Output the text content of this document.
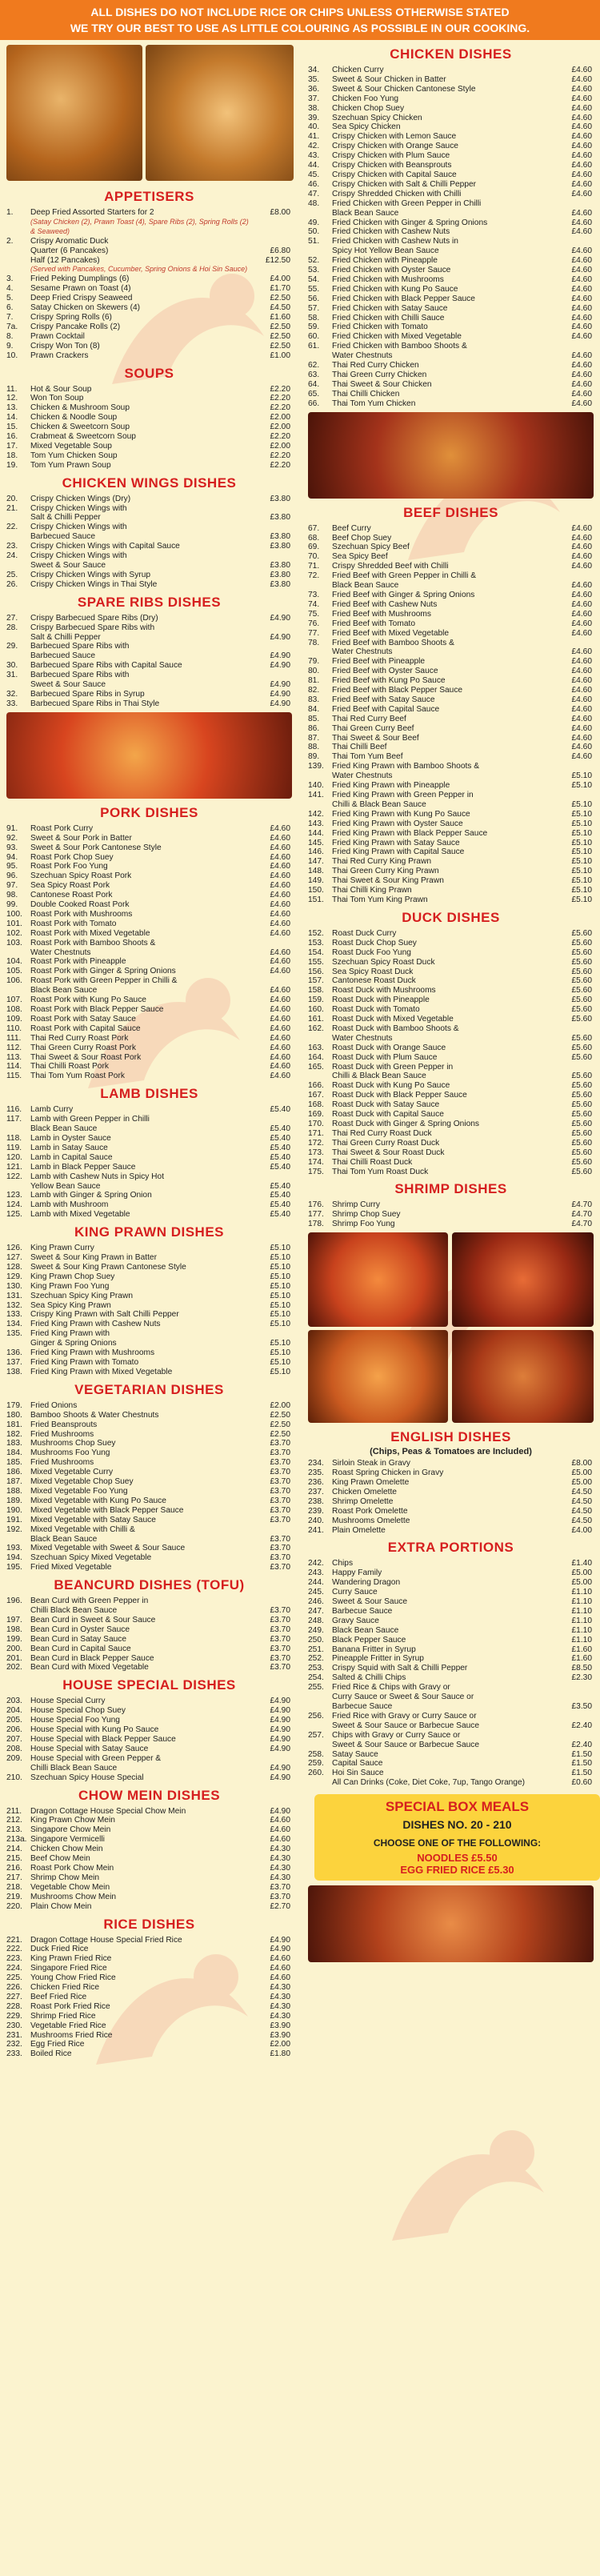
ALL DISHES DO NOT INCLUDE RICE OR CHIPS UNLESS OTHERWISE STATED
WE TRY OUR BEST TO USE AS LITTLE COLOURING AS POSSIBLE IN OUR COOKING.
APPETISERS
1.	Deep Fried Assorted Starters for 2	£8.00
(Satay Chicken (2), Prawn Toast (4), Spare Ribs (2), Spring Rolls (2) & Seaweed)
2.	Crispy Aromatic Duck
Quarter (6 Pancakes)	£6.80
Half (12 Pancakes)	£12.50
(Served with Pancakes, Cucumber, Spring Onions & Hoi Sin Sauce)
3.	Fried Peking Dumplings (6)	£4.00
4.	Sesame Prawn on Toast (4)	£1.70
5.	Deep Fried Crispy Seaweed	£2.50
6.	Satay Chicken on Skewers (4)	£4.50
7.	Crispy Spring Rolls (6)	£1.60
7a.	Crispy Pancake Rolls (2)	£2.50
8.	Prawn Cocktail	£2.50
9.	Crispy Won Ton (8)	£2.50
10.	Prawn Crackers	£1.00
SOUPS
11.	Hot & Sour Soup	£2.20
12.	Won Ton Soup	£2.20
13.	Chicken & Mushroom Soup	£2.20
14.	Chicken & Noodle Soup	£2.00
15.	Chicken & Sweetcorn Soup	£2.00
16.	Crabmeat & Sweetcorn Soup	£2.20
17.	Mixed Vegetable Soup	£2.00
18.	Tom Yum Chicken Soup	£2.20
19.	Tom Yum Prawn Soup	£2.20
CHICKEN WINGS DISHES
20.	Crispy Chicken Wings (Dry)	£3.80
21.	Crispy Chicken Wings with
Salt & Chilli Pepper	£3.80
22.	Crispy Chicken Wings with
Barbecued Sauce	£3.80
23.	Crispy Chicken Wings with Capital Sauce	£3.80
24.	Crispy Chicken Wings with
Sweet & Sour Sauce	£3.80
25.	Crispy Chicken Wings with Syrup	£3.80
26.	Crispy Chicken Wings in Thai Style	£3.80
SPARE RIBS DISHES
27.	Crispy Barbecued Spare Ribs (Dry)	£4.90
28.	Crispy Barbecued Spare Ribs with
Salt & Chilli Pepper	£4.90
29.	Barbecued Spare Ribs with
Barbecued Sauce	£4.90
30.	Barbecued Spare Ribs with Capital Sauce	£4.90
31.	Barbecued Spare Ribs with
Sweet & Sour Sauce	£4.90
32.	Barbecued Spare Ribs in Syrup	£4.90
33.	Barbecued Spare Ribs in Thai Style	£4.90
PORK DISHES
91.	Roast Pork Curry	£4.60
92.	Sweet & Sour Pork in Batter	£4.60
93.	Sweet & Sour Pork Cantonese Style	£4.60
94.	Roast Pork Chop Suey	£4.60
95.	Roast Pork Foo Yung	£4.60
96.	Szechuan Spicy Roast Pork	£4.60
97.	Sea Spicy Roast Pork	£4.60
98.	Cantonese Roast Pork	£4.60
99.	Double Cooked Roast Pork	£4.60
100. Roast Pork with Mushrooms	£4.60
101. Roast Pork with Tomato	£4.60
102. Roast Pork with Mixed Vegetable	£4.60
103. Roast Pork with Bamboo Shoots &
Water Chestnuts	£4.60
104. Roast Pork with Pineapple	£4.60
105. Roast Pork with Ginger & Spring Onions	£4.60
106. Roast Pork with Green Pepper in Chilli &
Black Bean Sauce	£4.60
107. Roast Pork with Kung Po Sauce	£4.60
108. Roast Pork with Black Pepper Sauce	£4.60
109. Roast Pork with Satay Sauce	£4.60
110.	Roast Pork with Capital Sauce	£4.60
111.	Thai Red Curry Roast Pork	£4.60
112.	Thai Green Curry Roast Pork	£4.60
113.	Thai Sweet & Sour Roast Pork	£4.60
114.	Thai Chilli Roast Pork	£4.60
115.	Thai Tom Yum Roast Pork	£4.60
LAMB DISHES
116.	Lamb Curry	£5.40
117.	Lamb with Green Pepper in Chilli
Black Bean Sauce	£5.40
118.	Lamb in Oyster Sauce	£5.40
119.	Lamb in Satay Sauce	£5.40
120. Lamb in Capital Sauce	£5.40
121. Lamb in Black Pepper Sauce	£5.40
122. Lamb with Cashew Nuts in Spicy Hot
Yellow Bean Sauce	£5.40
123. Lamb with Ginger & Spring Onion	£5.40
124. Lamb with Mushroom	£5.40
125. Lamb with Mixed Vegetable	£5.40
KING PRAWN DISHES
126. King Prawn Curry	£5.10
127. Sweet & Sour King Prawn in Batter	£5.10
128. Sweet & Sour King Prawn Cantonese Style	£5.10
129. King Prawn Chop Suey	£5.10
130. King Prawn Foo Yung	£5.10
131. Szechuan Spicy King Prawn	£5.10
132. Sea Spicy King Prawn	£5.10
133. Crispy King Prawn with Salt Chilli Pepper	£5.10
134. Fried King Prawn with Cashew Nuts	£5.10
135. Fried King Prawn with
Ginger & Spring Onions	£5.10
136. Fried King Prawn with Mushrooms	£5.10
137. Fried King Prawn with Tomato	£5.10
138. Fried King Prawn with Mixed Vegetable	£5.10
VEGETARIAN DISHES
179. Fried Onions	£2.00
180. Bamboo Shoots & Water Chestnuts	£2.50
181. Fried Beansprouts	£2.50
182. Fried Mushrooms	£2.50
183. Mushrooms Chop Suey	£3.70
184. Mushrooms Foo Yung	£3.70
185. Fried Mushrooms	£3.70
186. Mixed Vegetable Curry	£3.70
187. Mixed Vegetable Chop Suey	£3.70
188. Mixed Vegetable Foo Yung	£3.70
189. Mixed Vegetable with Kung Po Sauce	£3.70
190. Mixed Vegetable with Black Pepper Sauce	£3.70
191. Mixed Vegetable with Satay Sauce	£3.70
192. Mixed Vegetable with Chilli &
Black Bean Sauce	£3.70
193. Mixed Vegetable with Sweet & Sour Sauce	£3.70
194. Szechuan Spicy Mixed Vegetable	£3.70
195. Fried Mixed Vegetable	£3.70
BEANCURD DISHES (TOFU)
196. Bean Curd with Green Pepper in
Chilli Black Bean Sauce	£3.70
197. Bean Curd in Sweet & Sour Sauce	£3.70
198. Bean Curd in Oyster Sauce	£3.70
199. Bean Curd in Satay Sauce	£3.70
200. Bean Curd in Capital Sauce	£3.70
201. Bean Curd in Black Pepper Sauce	£3.70
202. Bean Curd with Mixed Vegetable	£3.70
HOUSE SPECIAL DISHES
203. House Special Curry	£4.90
204. House Special Chop Suey	£4.90
205. House Special Foo Yung	£4.90
206. House Special with Kung Po Sauce	£4.90
207. House Special with Black Pepper Sauce	£4.90
208. House Special with Satay Sauce	£4.90
209. House Special with Green Pepper &
Chilli Black Bean Sauce	£4.90
210. Szechuan Spicy House Special	£4.90
CHOW MEIN DISHES
211.	Dragon Cottage House Special Chow Mein	£4.90
212. King Prawn Chow Mein	£4.60
213. Singapore Chow Mein	£4.60
213a. Singapore Vermicelli	£4.60
214. Chicken Chow Mein	£4.30
215. Beef Chow Mein	£4.30
216. Roast Pork Chow Mein	£4.30
217. Shrimp Chow Mein	£4.30
218. Vegetable Chow Mein	£3.70
219. Mushrooms Chow Mein	£3.70
220. Plain Chow Mein	£2.70
RICE DISHES
221. Dragon Cottage House Special Fried Rice	£4.90
222. Duck Fried Rice	£4.90
223. King Prawn Fried Rice	£4.60
224. Singapore Fried Rice	£4.60
225. Young Chow Fried Rice	£4.60
226. Chicken Fried Rice	£4.30
227. Beef Fried Rice	£4.30
228. Roast Pork Fried Rice	£4.30
229. Shrimp Fried Rice	£4.30
230. Vegetable Fried Rice	£3.90
231. Mushrooms Fried Rice	£3.90
232. Egg Fried Rice	£2.00
233. Boiled Rice	£1.80
CHICKEN DISHES
34.	Chicken Curry	£4.60
35.	Sweet & Sour Chicken in Batter	£4.60
36.	Sweet & Sour Chicken Cantonese Style	£4.60
37.	Chicken Foo Yung	£4.60
38.	Chicken Chop Suey	£4.60
39.	Szechuan Spicy Chicken	£4.60
40.	Sea Spicy Chicken	£4.60
41.	Crispy Chicken with Lemon Sauce	£4.60
42.	Crispy Chicken with Orange Sauce	£4.60
43.	Crispy Chicken with Plum Sauce	£4.60
44.	Crispy Chicken with Beansprouts	£4.60
45.	Crispy Chicken with Capital Sauce	£4.60
46.	Crispy Chicken with Salt & Chilli Pepper	£4.60
47.	Crispy Shredded Chicken with Chilli	£4.60
48.	Fried Chicken with Green Pepper in Chilli
Black Bean Sauce	£4.60
49.	Fried Chicken with Ginger & Spring Onions	£4.60
50.	Fried Chicken with Cashew Nuts	£4.60
51.	Fried Chicken with Cashew Nuts in
Spicy Hot Yellow Bean Sauce	£4.60
52.	Fried Chicken with Pineapple	£4.60
53.	Fried Chicken with Oyster Sauce	£4.60
54.	Fried Chicken with Mushrooms	£4.60
55.	Fried Chicken with Kung Po Sauce	£4.60
56.	Fried Chicken with Black Pepper Sauce	£4.60
57.	Fried Chicken with Satay Sauce	£4.60
58.	Fried Chicken with Chilli Sauce	£4.60
59.	Fried Chicken with Tomato	£4.60
60.	Fried Chicken with Mixed Vegetable	£4.60
61.	Fried Chicken with Bamboo Shoots &
Water Chestnuts	£4.60
62.	Thai Red Curry Chicken	£4.60
63.	Thai Green Curry Chicken	£4.60
64.	Thai Sweet & Sour Chicken	£4.60
65.	Thai Chilli Chicken	£4.60
66.	Thai Tom Yum Chicken	£4.60
BEEF DISHES
67.	Beef Curry	£4.60
68.	Beef Chop Suey	£4.60
69.	Szechuan Spicy Beef	£4.60
70.	Sea Spicy Beef	£4.60
71.	Crispy Shredded Beef with Chilli	£4.60
72.	Fried Beef with Green Pepper in Chilli &
Black Bean Sauce	£4.60
73.	Fried Beef with Ginger & Spring Onions	£4.60
74.	Fried Beef with Cashew Nuts	£4.60
75.	Fried Beef with Mushrooms	£4.60
76.	Fried Beef with Tomato	£4.60
77.	Fried Beef with Mixed Vegetable	£4.60
78.	Fried Beef with Bamboo Shoots &
Water Chestnuts	£4.60
79.	Fried Beef with Pineapple	£4.60
80.	Fried Beef with Oyster Sauce	£4.60
81.	Fried Beef with Kung Po Sauce	£4.60
82.	Fried Beef with Black Pepper Sauce	£4.60
83.	Fried Beef with Satay Sauce	£4.60
84.	Fried Beef with Capital Sauce	£4.60
85.	Thai Red Curry Beef	£4.60
86.	Thai Green Curry Beef	£4.60
87.	Thai Sweet & Sour Beef	£4.60
88.	Thai Chilli Beef	£4.60
89.	Thai Tom Yum Beef	£4.60
139. Fried King Prawn with Bamboo Shoots &
Water Chestnuts	£5.10
140. Fried King Prawn with Pineapple	£5.10
141. Fried King Prawn with Green Pepper in
Chilli & Black Bean Sauce	£5.10
142. Fried King Prawn with Kung Po Sauce	£5.10
143. Fried King Prawn with Oyster Sauce	£5.10
144. Fried King Prawn with Black Pepper Sauce	£5.10
145. Fried King Prawn with Satay Sauce	£5.10
146. Fried King Prawn with Capital Sauce	£5.10
147. Thai Red Curry King Prawn	£5.10
148. Thai Green Curry King Prawn	£5.10
149. Thai Sweet & Sour King Prawn	£5.10
150. Thai Chilli King Prawn	£5.10
151. Thai Tom Yum King Prawn	£5.10
DUCK DISHES
152. Roast Duck Curry	£5.60
153. Roast Duck Chop Suey	£5.60
154. Roast Duck Foo Yung	£5.60
155. Szechuan Spicy Roast Duck	£5.60
156. Sea Spicy Roast Duck	£5.60
157. Cantonese Roast Duck	£5.60
158. Roast Duck with Mushrooms	£5.60
159. Roast Duck with Pineapple	£5.60
160. Roast Duck with Tomato	£5.60
161. Roast Duck with Mixed Vegetable	£5.60
162. Roast Duck with Bamboo Shoots &
Water Chestnuts	£5.60
163. Roast Duck with Orange Sauce	£5.60
164. Roast Duck with Plum Sauce	£5.60
165. Roast Duck with Green Pepper in
Chilli & Black Bean Sauce	£5.60
166. Roast Duck with Kung Po Sauce	£5.60
167. Roast Duck with Black Pepper Sauce	£5.60
168. Roast Duck with Satay Sauce	£5.60
169. Roast Duck with Capital Sauce	£5.60
170. Roast Duck with Ginger & Spring Onions	£5.60
171. Thai Red Curry Roast Duck	£5.60
172. Thai Green Curry Roast Duck	£5.60
173. Thai Sweet & Sour Roast Duck	£5.60
174. Thai Chilli Roast Duck	£5.60
175. Thai Tom Yum Roast Duck	£5.60
SHRIMP DISHES
176. Shrimp Curry	£4.70
177. Shrimp Chop Suey	£4.70
178. Shrimp Foo Yung	£4.70
ENGLISH DISHES
(Chips, Peas & Tomatoes are Included)
234. Sirloin Steak in Gravy	£8.00
235. Roast Spring Chicken in Gravy	£5.00
236. King Prawn Omelette	£5.00
237. Chicken Omelette	£4.50
238. Shrimp Omelette	£4.50
239. Roast Pork Omelette	£4.50
240. Mushrooms Omelette	£4.50
241. Plain Omelette	£4.00
EXTRA PORTIONS
242. Chips	£1.40
243. Happy Family	£5.00
244. Wandering Dragon	£5.00
245. Curry Sauce	£1.10
246. Sweet & Sour Sauce	£1.10
247. Barbecue Sauce	£1.10
248. Gravy Sauce	£1.10
249. Black Bean Sauce	£1.10
250. Black Pepper Sauce	£1.10
251. Banana Fritter in Syrup	£1.60
252. Pineapple Fritter in Syrup	£1.60
253. Crispy Squid with Salt & Chilli Pepper	£8.50
254. Salted & Chilli Chips	£2.30
255. Fried Rice & Chips with Gravy or
Curry Sauce or Sweet & Sour Sauce or
Barbecue Sauce	£3.50
256. Fried Rice with Gravy or Curry Sauce or
Sweet & Sour Sauce or Barbecue Sauce	£2.40
257. Chips with Gravy or Curry Sauce or
Sweet & Sour Sauce or Barbecue Sauce	£2.40
258. Satay Sauce	£1.50
259. Capital Sauce	£1.50
260. Hoi Sin Sauce	£1.50
All Can Drinks (Coke, Diet Coke, 7up, Tango Orange)	£0.60
SPECIAL BOX MEALS
DISHES NO. 20 - 210
CHOOSE ONE OF THE FOLLOWING:
NOODLES £5.50
EGG FRIED RICE £5.30
